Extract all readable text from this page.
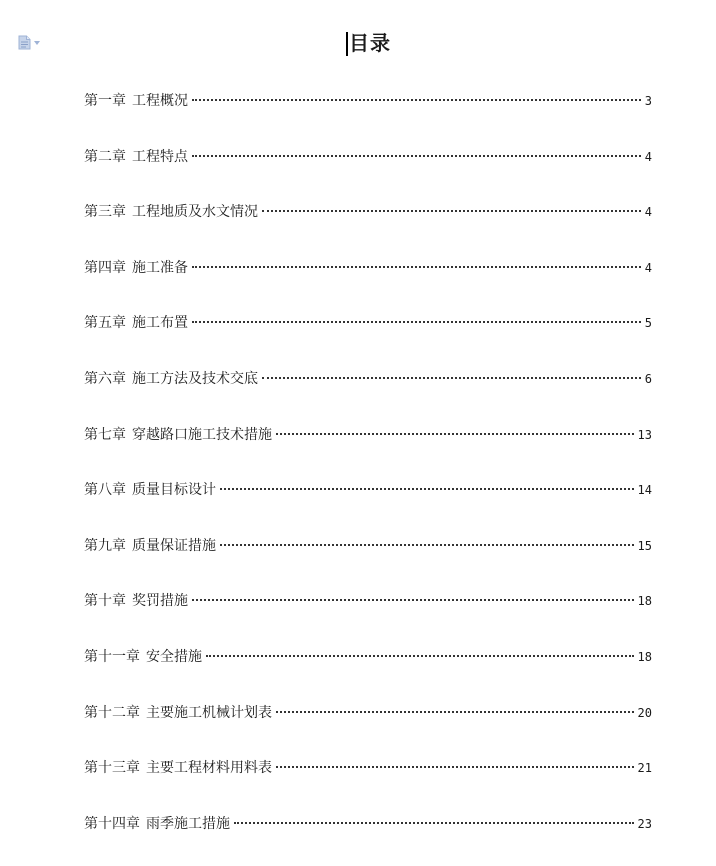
目录
第一章 工程概况	3
第二章 工程特点	4
第三章 工程地质及水文情况	4
第四章 施工准备	4
第五章 施工布置	5
第六章 施工方法及技术交底	6
第七章 穿越路口施工技术措施	13
第八章 质量目标设计	14
第九章 质量保证措施	15
第十章 奖罚措施	18
第十一章 安全措施	18
第十二章 主要施工机械计划表	20
第十三章 主要工程材料用料表	21
第十四章 雨季施工措施	23
